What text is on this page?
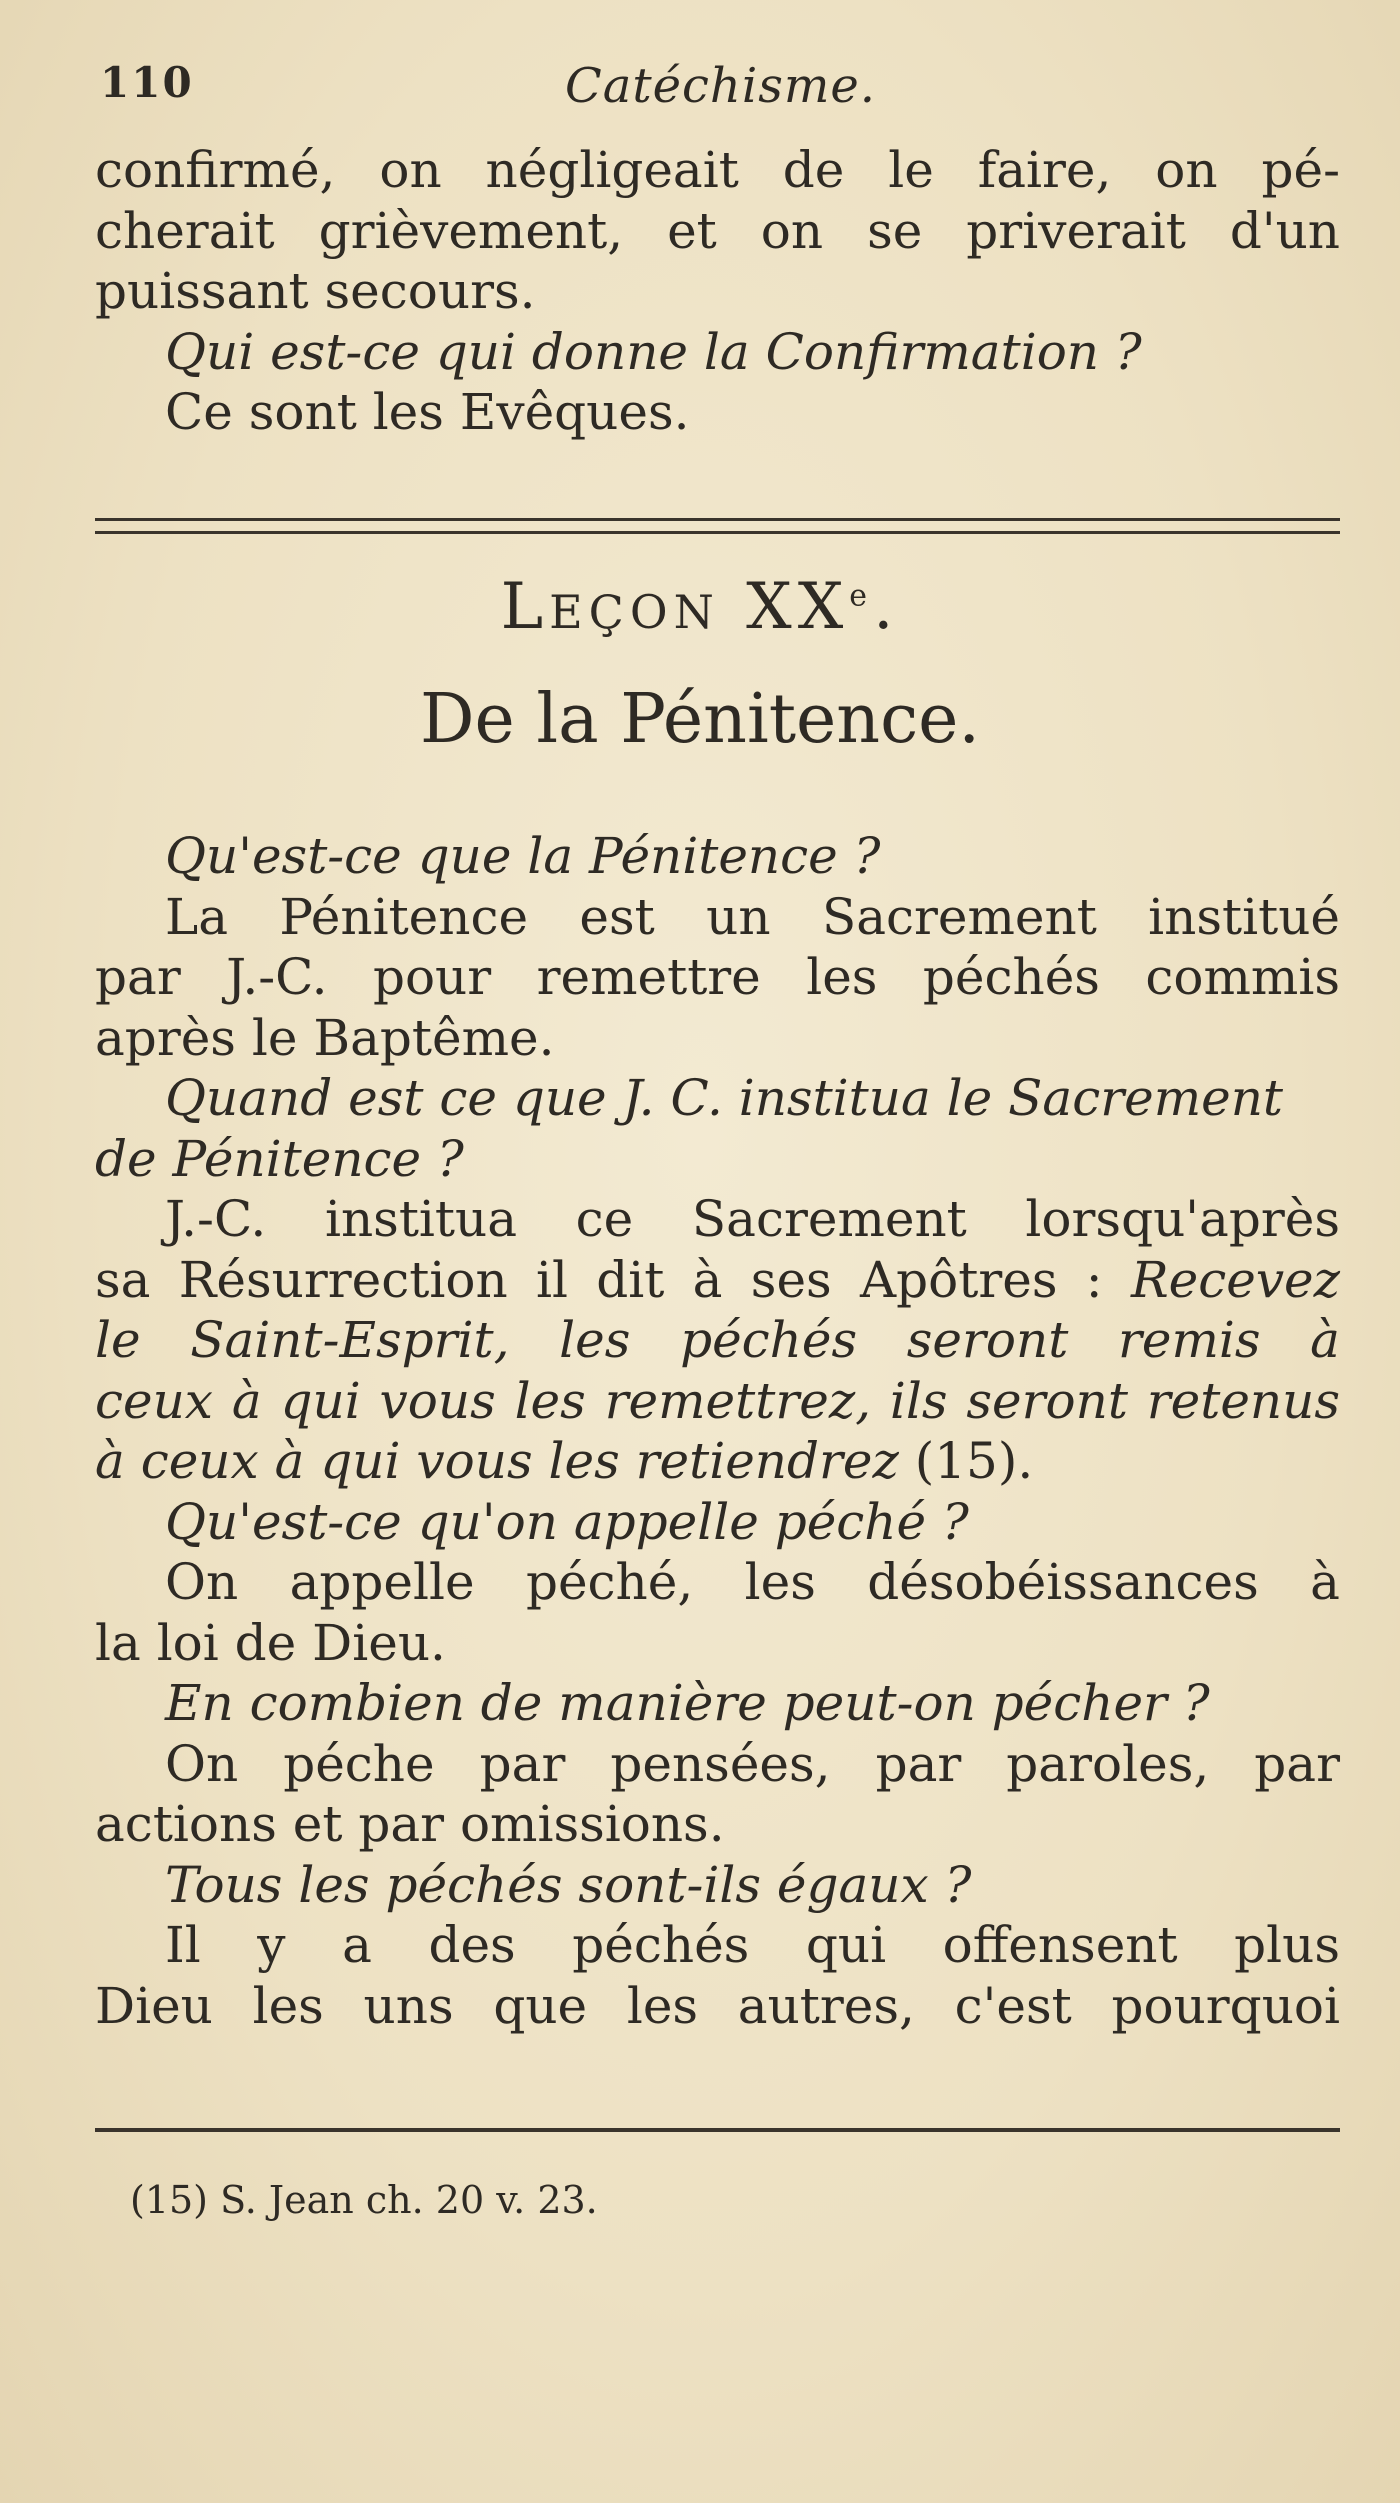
110	Catéchisme.

confirmé, on négligeait de le faire, on pé-

cherait grièvement, et on se priverait d'un

puissant secours.

Qui est-ce qui donne la Confirmation ?

Ce sont les Evêques.

LEÇON XXe.
De la Pénitence.

Qu'est-ce que la Pénitence ?

La Pénitence est un Sacrement institué

par J.-C. pour remettre les péchés commis

après le Baptême.

Quand est ce que J. C. institua le Sacrement

de Pénitence ?

J.-C. institua ce Sacrement lorsqu'après

sa Résurrection il dit à ses Apôtres : Recevez

le Saint-Esprit, les péchés seront remis à

ceux à qui vous les remettrez, ils seront retenus

à ceux à qui vous les retiendrez (15).

Qu'est-ce qu'on appelle péché ?

On appelle péché, les désobéissances à

la loi de Dieu.

En combien de manière peut-on pécher ?

On péche par pensées, par paroles, par

actions et par omissions.

Tous les péchés sont-ils égaux ?

Il y a des péchés qui offensent plus

Dieu les uns que les autres, c'est pourquoi

(15) S. Jean ch. 20 v. 23.
